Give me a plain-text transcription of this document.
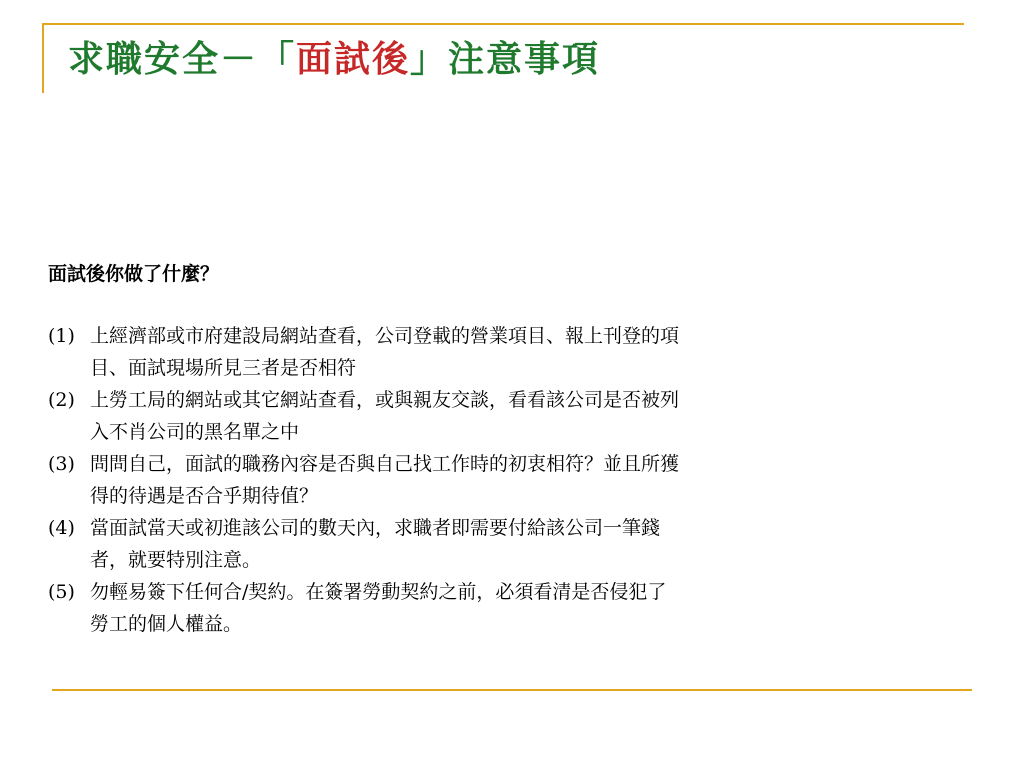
求職安全－「面試後」注意事項
面試後你做了什麼？
(1) 上經濟部或市府建設局網站查看，公司登載的營業項目、報上刊登的項
目、面試現場所見三者是否相符
(2) 上勞工局的網站或其它網站查看，或與親友交談，看看該公司是否被列
入不肖公司的黑名單之中
(3) 問問自己，面試的職務內容是否與自己找工作時的初衷相符？並且所獲
得的待遇是否合乎期待值？
(4) 當面試當天或初進該公司的數天內，求職者即需要付給該公司一筆錢
者，就要特別注意。
(5) 勿輕易簽下任何合/契約。在簽署勞動契約之前，必須看清是否侵犯了
勞工的個人權益。
